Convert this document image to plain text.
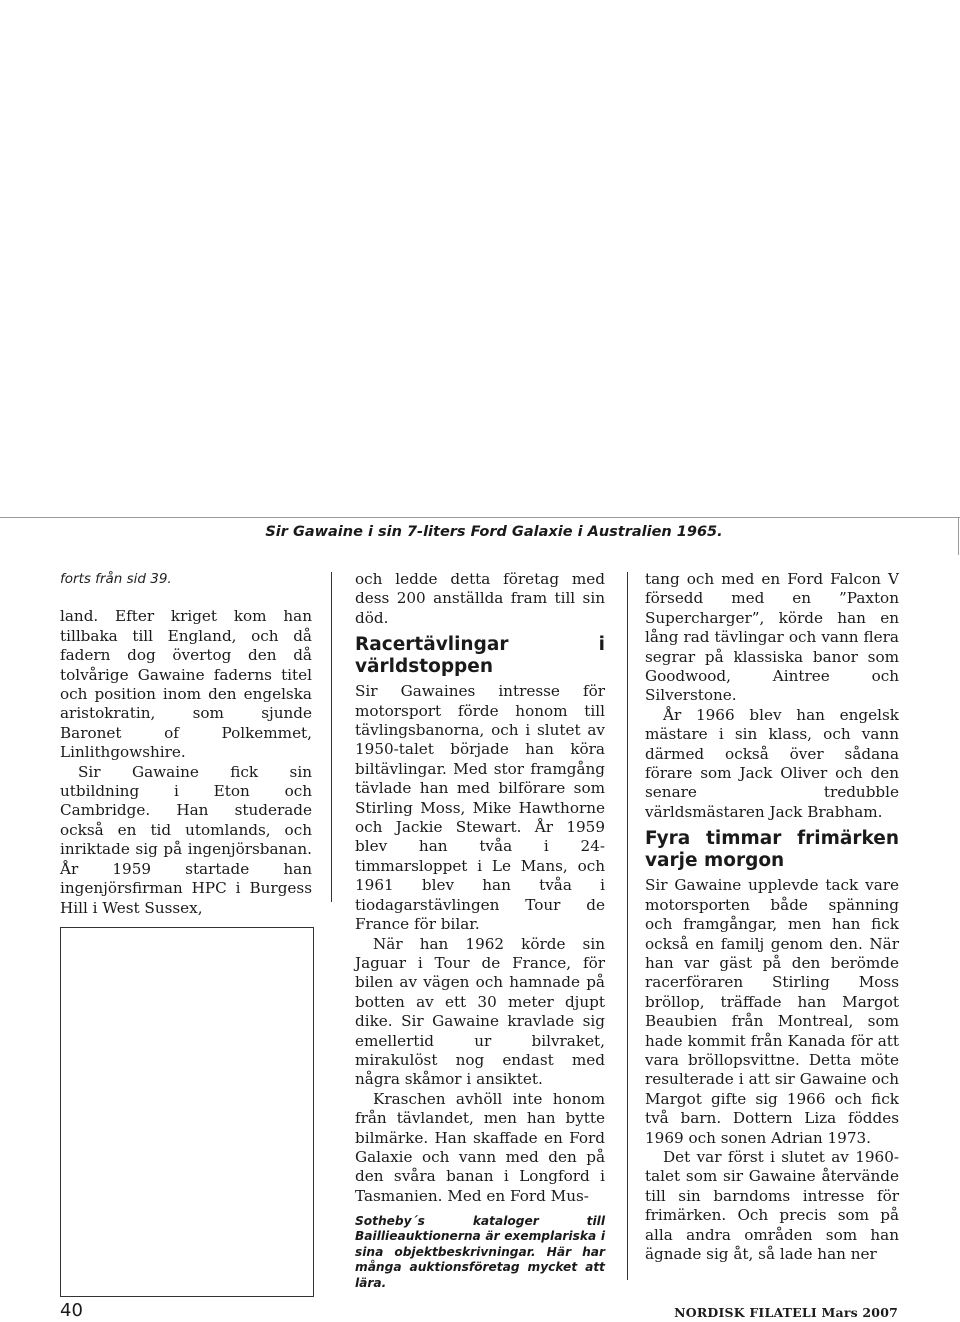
Sir Gawaine i sin 7-liters Ford Galaxie i Australien 1965.
forts från sid 39.

land. Efter kriget kom han tillbaka till England, och då fadern dog övertog den då tolvårige Gawaine faderns titel och position inom den engelska aristokratin, som sjunde Baronet of Polkemmet, Linlithgowshire.

Sir Gawaine fick sin utbildning i Eton och Cambridge. Han studerade också en tid utomlands, och inriktade sig på ingenjörsbanan. År 1959 startade han ingenjörsfirman HPC i Burgess Hill i West Sussex,

och ledde detta företag med dess 200 anställda fram till sin död.

Racertävlingar i världstoppen

Sir Gawaines intresse för motorsport förde honom till tävlingsbanorna, och i slutet av 1950-talet började han köra biltävlingar. Med stor framgång tävlade han med bilförare som Stirling Moss, Mike Hawthorne och Jackie Stewart. År 1959 blev han tvåa i 24-timmarsloppet i Le Mans, och 1961 blev han tvåa i tiodagarstävlingen Tour de France för bilar.

När han 1962 körde sin Jaguar i Tour de France, för bilen av vägen och hamnade på botten av ett 30 meter djupt dike. Sir Gawaine kravlade sig emellertid ur bilvraket, mirakulöst nog endast med några skåmor i ansiktet.

Kraschen avhöll inte honom från tävlandet, men han bytte bilmärke. Han skaffade en Ford Galaxie och vann med den på den svåra banan i Longford i Tasmanien. Med en Ford Mus-

Sotheby´s kataloger till Baillieauktionerna är exemplariska i sina objektbeskrivningar. Här har många auktionsföretag mycket att lära.

tang och med en Ford Falcon V försedd med en ”Paxton Supercharger”, körde han en lång rad tävlingar och vann flera segrar på klassiska banor som Goodwood, Aintree och Silverstone.

År 1966 blev han engelsk mästare i sin klass, och vann därmed också över sådana förare som Jack Oliver och den senare tredubble världsmästaren Jack Brabham.

Fyra timmar frimärken varje morgon

Sir Gawaine upplevde tack vare motorsporten både spänning och framgångar, men han fick också en familj genom den. När han var gäst på den berömde racerföraren Stirling Moss bröllop, träffade han Margot Beaubien från Montreal, som hade kommit från Kanada för att vara bröllopsvittne. Detta möte resulterade i att sir Gawaine och Margot gifte sig 1966 och fick två barn. Dottern Liza föddes 1969 och sonen Adrian 1973.

Det var först i slutet av 1960-talet som sir Gawaine återvände till sin barndoms intresse för frimärken. Och precis som på alla andra områden som han ägnade sig åt, så lade han ner

40	NORDISK FILATELI Mars 2007
